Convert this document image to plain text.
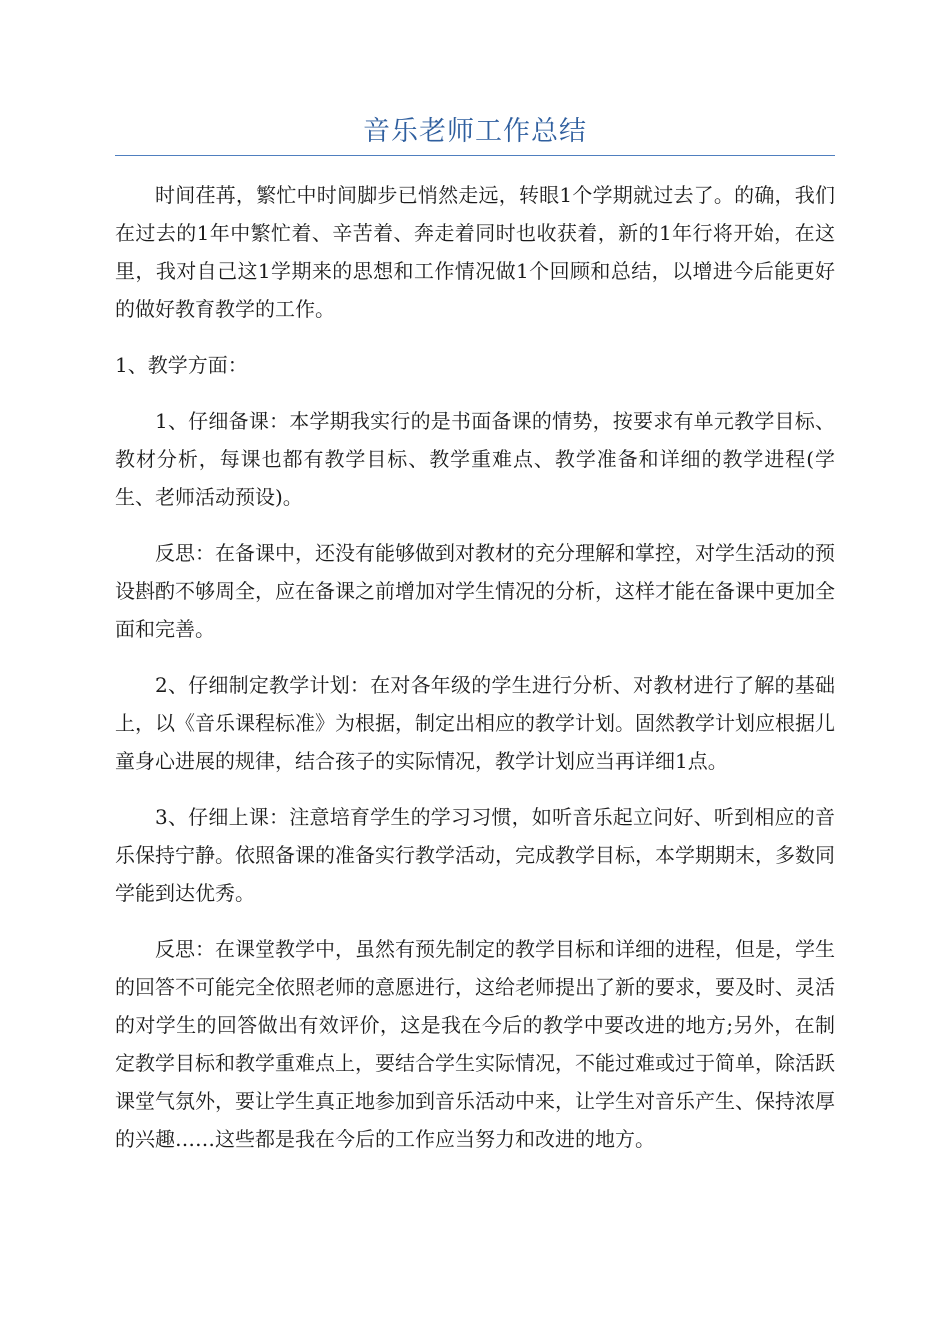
音乐老师工作总结

时间荏苒，繁忙中时间脚步已悄然走远，转眼1个学期就过去了。的确，我们在过去的1年中繁忙着、辛苦着、奔走着同时也收获着，新的1年行将开始，在这里，我对自己这1学期来的思想和工作情况做1个回顾和总结，以增进今后能更好的做好教育教学的工作。

1、教学方面：

1、仔细备课：本学期我实行的是书面备课的情势，按要求有单元教学目标、教材分析，每课也都有教学目标、教学重难点、教学准备和详细的教学进程(学生、老师活动预设)。

反思：在备课中，还没有能够做到对教材的充分理解和掌控，对学生活动的预设斟酌不够周全，应在备课之前增加对学生情况的分析，这样才能在备课中更加全面和完善。

2、仔细制定教学计划：在对各年级的学生进行分析、对教材进行了解的基础上，以《音乐课程标准》为根据，制定出相应的教学计划。固然教学计划应根据儿童身心进展的规律，结合孩子的实际情况，教学计划应当再详细1点。

3、仔细上课：注意培育学生的学习习惯，如听音乐起立问好、听到相应的音乐保持宁静。依照备课的准备实行教学活动，完成教学目标，本学期期末，多数同学能到达优秀。

反思：在课堂教学中，虽然有预先制定的教学目标和详细的进程，但是，学生的回答不可能完全依照老师的意愿进行，这给老师提出了新的要求，要及时、灵活的对学生的回答做出有效评价，这是我在今后的教学中要改进的地方;另外，在制定教学目标和教学重难点上，要结合学生实际情况，不能过难或过于简单，除活跃课堂气氛外，要让学生真正地参加到音乐活动中来，让学生对音乐产生、保持浓厚的兴趣……这些都是我在今后的工作应当努力和改进的地方。
